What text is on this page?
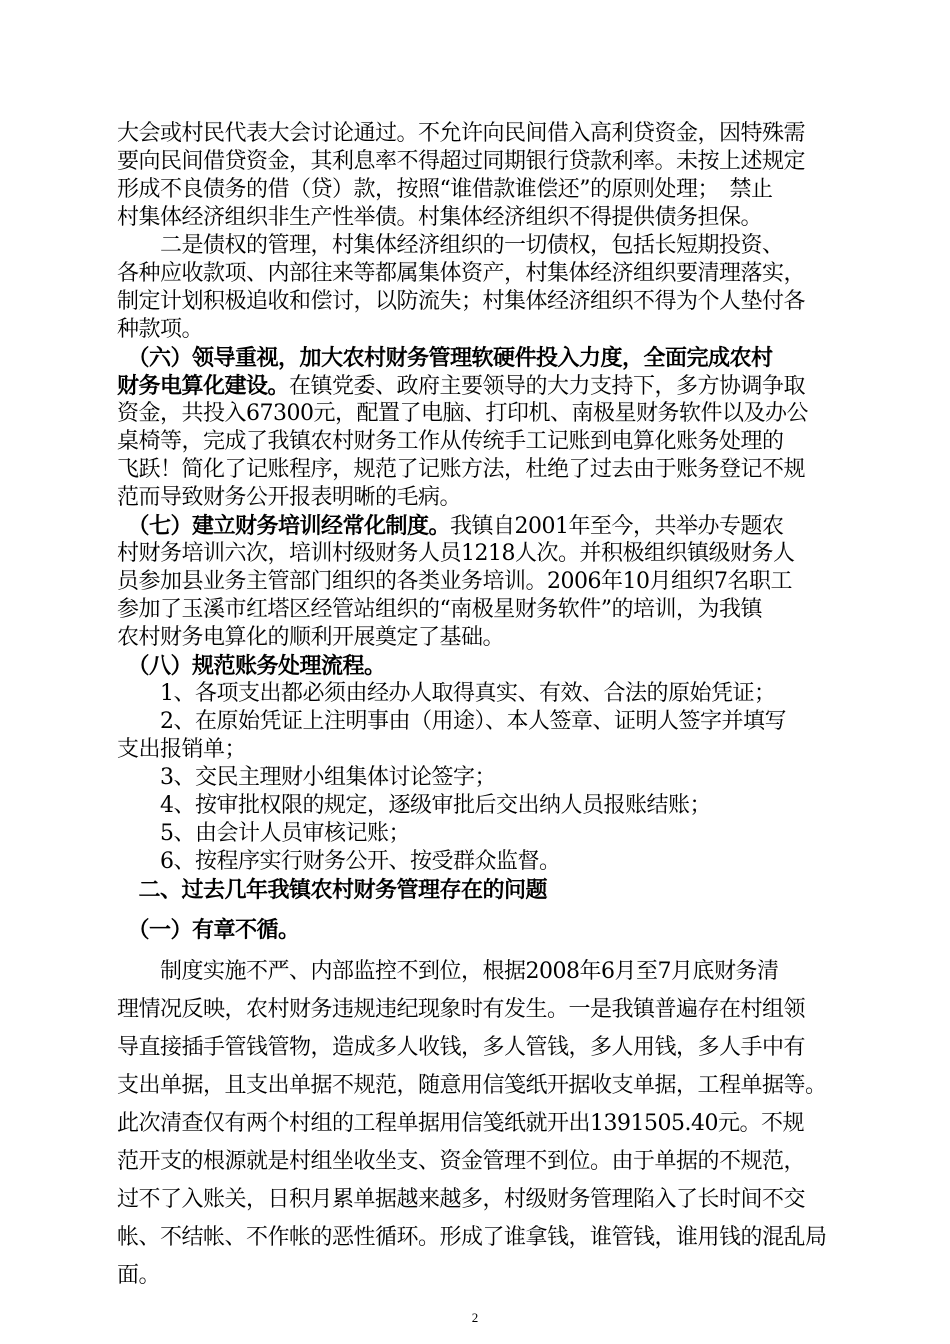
大会或村民代表大会讨论通过。不允许向民间借入高利贷资金，因特殊需
要向民间借贷资金，其利息率不得超过同期银行贷款利率。未按上述规定
形成不良债务的借（贷）款，按照“谁借款谁偿还”的原则处理；　禁止
村集体经济组织非生产性举债。村集体经济组织不得提供债务担保。
　　二是债权的管理，村集体经济组织的一切债权，包括长短期投资、
各种应收款项、内部往来等都属集体资产，村集体经济组织要清理落实，
制定计划积极追收和偿讨，以防流失；村集体经济组织不得为个人垫付各
种款项。
　（六）领导重视，加大农村财务管理软硬件投入力度，全面完成农村
财务电算化建设。在镇党委、政府主要领导的大力支持下，多方协调争取
资金，共投入67300元，配置了电脑、打印机、南极星财务软件以及办公
桌椅等，完成了我镇农村财务工作从传统手工记账到电算化账务处理的
飞跃！简化了记账程序，规范了记账方法，杜绝了过去由于账务登记不规
范而导致财务公开报表明晰的毛病。
　（七）建立财务培训经常化制度。我镇自2001年至今，共举办专题农
村财务培训六次，培训村级财务人员1218人次。并积极组织镇级财务人
员参加县业务主管部门组织的各类业务培训。2006年10月组织7名职工
参加了玉溪市红塔区经管站组织的“南极星财务软件”的培训，为我镇
农村财务电算化的顺利开展奠定了基础。
　（八）规范账务处理流程。
　　1、各项支出都必须由经办人取得真实、有效、合法的原始凭证；
　　2、在原始凭证上注明事由（用途）、本人签章、证明人签字并填写
支出报销单；
　　3、交民主理财小组集体讨论签字；
　　4、按审批权限的规定，逐级审批后交出纳人员报账结账；
　　5、由会计人员审核记账；
　　6、按程序实行财务公开、按受群众监督。
　二、过去几年我镇农村财务管理存在的问题
　（一）有章不循。
　　制度实施不严、内部监控不到位，根据2008年6月至7月底财务清
理情况反映，农村财务违规违纪现象时有发生。一是我镇普遍存在村组领
导直接插手管钱管物，造成多人收钱，多人管钱，多人用钱，多人手中有
支出单据，且支出单据不规范，随意用信笺纸开据收支单据，工程单据等。
此次清查仅有两个村组的工程单据用信笺纸就开出1391505.40元。不规
范开支的根源就是村组坐收坐支、资金管理不到位。由于单据的不规范，
过不了入账关，日积月累单据越来越多，村级财务管理陷入了长时间不交
帐、不结帐、不作帐的恶性循环。形成了谁拿钱，谁管钱，谁用钱的混乱局
面。
2
